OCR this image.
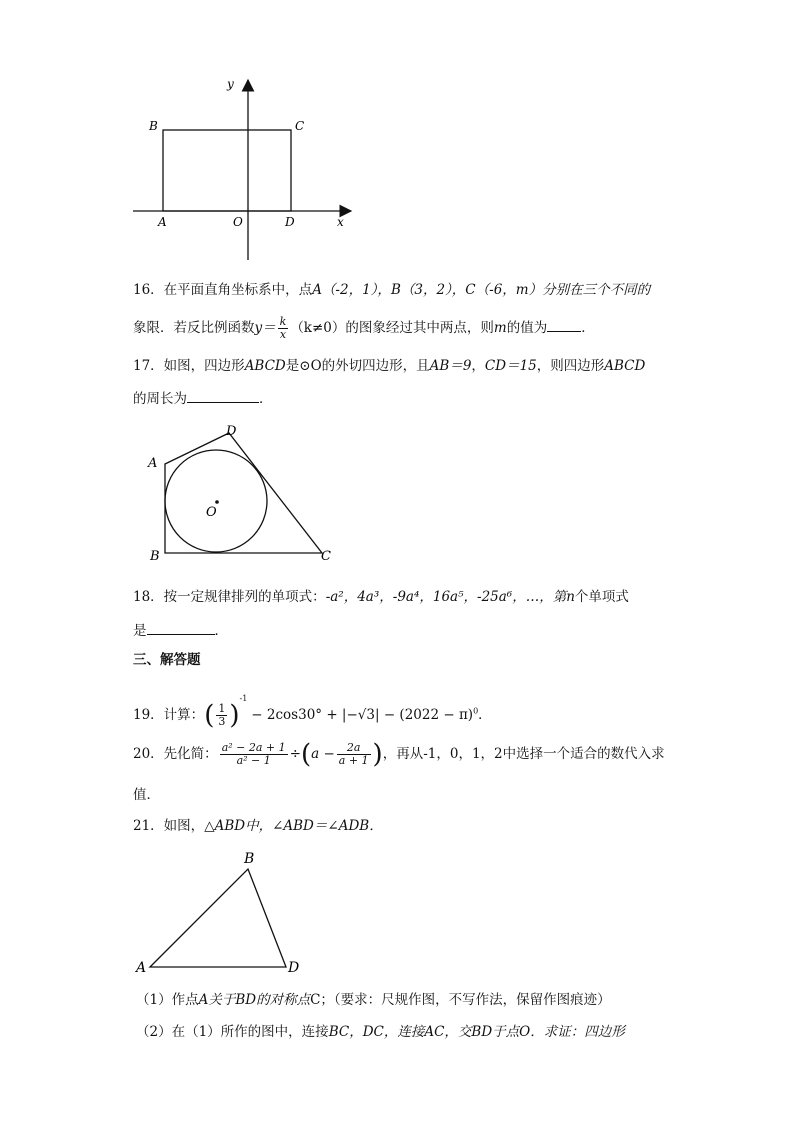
y
x
O
B	C
A	D
16．在平面直角坐标系中，点A（-2，1），B（3，2），C（-6，m）分别在三个不同的
象限．若反比例函数$y= \frac{k}{x} (k\ne 0)$的图象经过其中两点，则m的值为	．
17．如图，四边形ABCD是⊙O的外切四边形，且AB＝9，CD＝15，则四边形ABCD
的周长为	．
A
D
B	C
O
18．按一定规律排列的单项式：-a²，4a³，-9a⁴，16a⁵，-25a⁶，…，第n个单项式
是	．
三、解答题
19．计算：( $\frac{1}{3} )^{-1}- 2\cos 30^\circ + |-√3| - (2022 - \pi)^0$．
20．先化简： $\frac{\text{a² − 2a + 1}}{\text{a² − 1}} \div(a - \frac{2a}{a + 1}$ )，再从-1，0，1，2中选择一个适合的数代入求
值．
21．如图，△ABD中，∠ABD＝∠ADB．
B
A	D
（1）作点A关于BD的对称点C；（要求：尺规作图，不写作法，保留作图痕迹）
（2）在（1）所作的图中，连接BC，DC，连接AC，交BD于点O．求证：四边形
